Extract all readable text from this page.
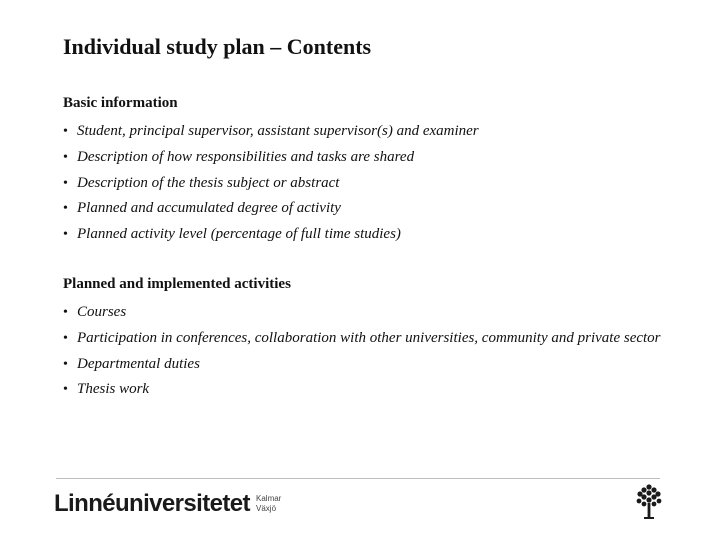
Individual study plan – Contents
Basic information
• Student, principal supervisor, assistant supervisor(s) and examiner
• Description of how responsibilities and tasks are shared
• Description of the thesis subject or abstract
• Planned and accumulated degree of activity
• Planned activity level (percentage of full time studies)
Planned and implemented activities
• Courses
• Participation in conferences, collaboration with other universities, community and private sector
• Departmental duties
• Thesis work
Linnéuniversitetet Kalmar
Växjö
